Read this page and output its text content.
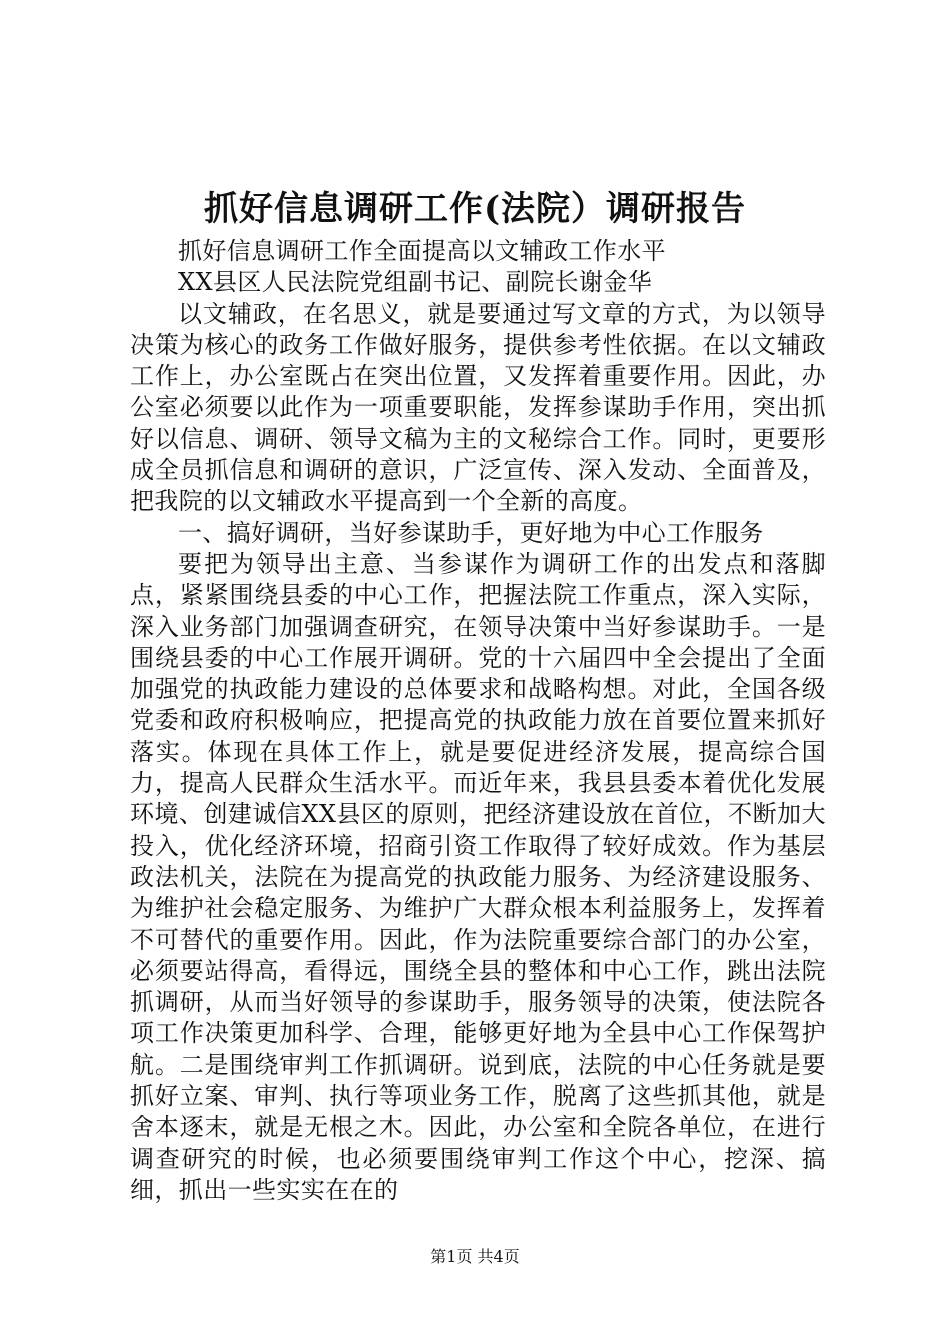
抓好信息调研工作(法院）调研报告

抓好信息调研工作全面提高以文辅政工作水平

XX县区人民法院党组副书记、副院长谢金华

以文辅政，在名思义，就是要通过写文章的方式，为以领导决策为核心的政务工作做好服务，提供参考性依据。在以文辅政工作上，办公室既占在突出位置，又发挥着重要作用。因此，办公室必须要以此作为一项重要职能，发挥参谋助手作用，突出抓好以信息、调研、领导文稿为主的文秘综合工作。同时，更要形成全员抓信息和调研的意识，广泛宣传、深入发动、全面普及，把我院的以文辅政水平提高到一个全新的高度。

一、搞好调研，当好参谋助手，更好地为中心工作服务

要把为领导出主意、当参谋作为调研工作的出发点和落脚点，紧紧围绕县委的中心工作，把握法院工作重点，深入实际，深入业务部门加强调查研究，在领导决策中当好参谋助手。一是围绕县委的中心工作展开调研。党的十六届四中全会提出了全面加强党的执政能力建设的总体要求和战略构想。对此，全国各级党委和政府积极响应，把提高党的执政能力放在首要位置来抓好落实。体现在具体工作上，就是要促进经济发展，提高综合国力，提高人民群众生活水平。而近年来，我县县委本着优化发展环境、创建诚信XX县区的原则，把经济建设放在首位，不断加大投入，优化经济环境，招商引资工作取得了较好成效。作为基层政法机关，法院在为提高党的执政能力服务、为经济建设服务、为维护社会稳定服务、为维护广大群众根本利益服务上，发挥着不可替代的重要作用。因此，作为法院重要综合部门的办公室，必须要站得高，看得远，围绕全县的整体和中心工作，跳出法院抓调研，从而当好领导的参谋助手，服务领导的决策，使法院各项工作决策更加科学、合理，能够更好地为全县中心工作保驾护航。二是围绕审判工作抓调研。说到底，法院的中心任务就是要抓好立案、审判、执行等项业务工作，脱离了这些抓其他，就是舍本逐末，就是无根之木。因此，办公室和全院各单位，在进行调查研究的时候，也必须要围绕审判工作这个中心，挖深、搞细，抓出一些实实在在的

第1页 共4页
